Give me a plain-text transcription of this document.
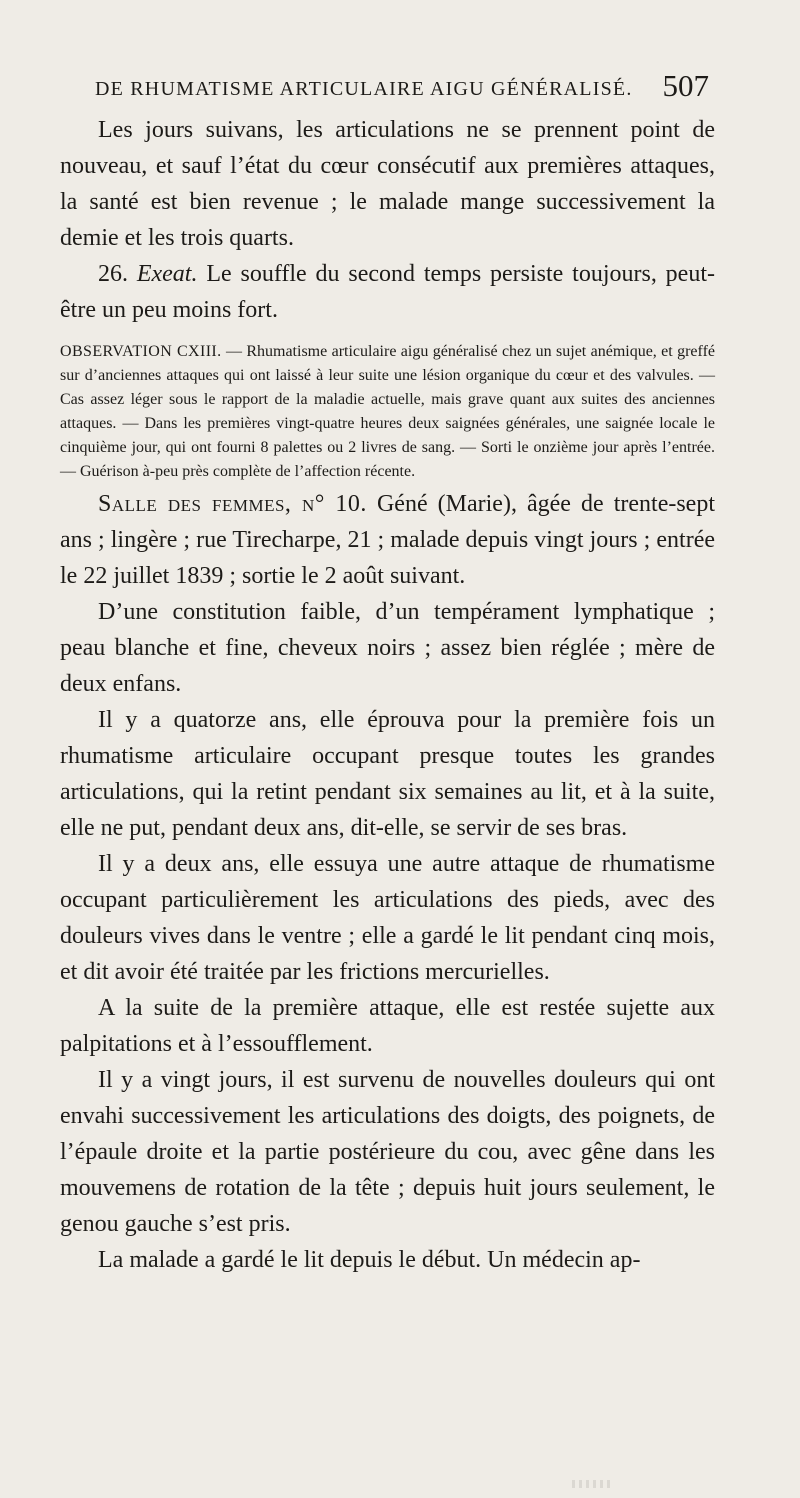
DE RHUMATISME ARTICULAIRE AIGU GÉNÉRALISÉ. 507

Les jours suivans, les articulations ne se prennent point de nouveau, et sauf l’état du cœur consécutif aux premières attaques, la santé est bien revenue ; le malade mange successivement la demie et les trois quarts.

26. Exeat. Le souffle du second temps persiste toujours, peut-être un peu moins fort.

OBSERVATION CXIII. — Rhumatisme articulaire aigu généralisé chez un sujet anémique, et greffé sur d’anciennes attaques qui ont laissé à leur suite une lésion organique du cœur et des valvules. — Cas assez léger sous le rapport de la maladie actuelle, mais grave quant aux suites des anciennes attaques. — Dans les premières vingt-quatre heures deux saignées générales, une saignée locale le cinquième jour, qui ont fourni 8 palettes ou 2 livres de sang. — Sorti le onzième jour après l’entrée. — Guérison à-peu près complète de l’affection récente.

Salle des femmes, n° 10. Géné (Marie), âgée de trente-sept ans ; lingère ; rue Tirecharpe, 21 ; malade depuis vingt jours ; entrée le 22 juillet 1839 ; sortie le 2 août suivant.

D’une constitution faible, d’un tempérament lymphatique ; peau blanche et fine, cheveux noirs ; assez bien réglée ; mère de deux enfans.

Il y a quatorze ans, elle éprouva pour la première fois un rhumatisme articulaire occupant presque toutes les grandes articulations, qui la retint pendant six semaines au lit, et à la suite, elle ne put, pendant deux ans, dit-elle, se servir de ses bras.

Il y a deux ans, elle essuya une autre attaque de rhumatisme occupant particulièrement les articulations des pieds, avec des douleurs vives dans le ventre ; elle a gardé le lit pendant cinq mois, et dit avoir été traitée par les frictions mercurielles.

A la suite de la première attaque, elle est restée sujette aux palpitations et à l’essoufflement.

Il y a vingt jours, il est survenu de nouvelles douleurs qui ont envahi successivement les articulations des doigts, des poignets, de l’épaule droite et la partie postérieure du cou, avec gêne dans les mouvemens de rotation de la tête ; depuis huit jours seulement, le genou gauche s’est pris.

La malade a gardé le lit depuis le début. Un médecin ap-
